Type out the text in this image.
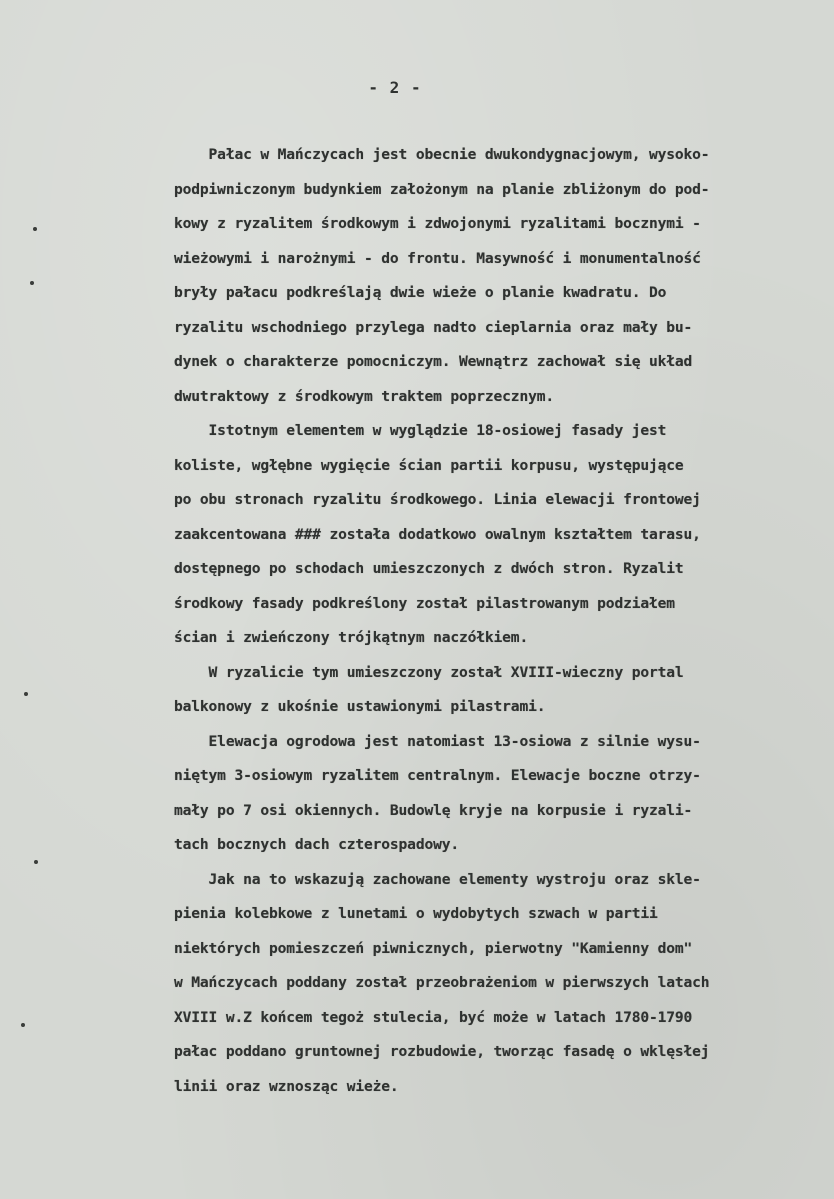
- 2 -
Pałac w Mańczycach jest obecnie dwukondygnacjowym, wysoko-
podpiwniczonym budynkiem założonym na planie zbliżonym do pod-
kowy z ryzalitem środkowym i zdwojonymi ryzalitami bocznymi -
wieżowymi i narożnymi - do frontu. Masywność i monumentalność
bryły pałacu podkreślają dwie wieże o planie kwadratu. Do
ryzalitu wschodniego przylega nadto cieplarnia oraz mały bu-
dynek o charakterze pomocniczym. Wewnątrz zachował się układ
dwutraktowy z środkowym traktem poprzecznym.
Istotnym elementem w wyglądzie 18-osiowej fasady jest
koliste, wgłębne wygięcie ścian partii korpusu, występujące
po obu stronach ryzalitu środkowego. Linia elewacji frontowej
zaakcentowana ### została dodatkowo owalnym kształtem tarasu,
dostępnego po schodach umieszczonych z dwóch stron. Ryzalit
środkowy fasady podkreślony został pilastrowanym podziałem
ścian i zwieńczony trójkątnym naczółkiem.
W ryzalicie tym umieszczony został XVIII-wieczny portal
balkonowy z ukośnie ustawionymi pilastrami.
Elewacja ogrodowa jest natomiast 13-osiowa z silnie wysu-
niętym 3-osiowym ryzalitem centralnym. Elewacje boczne otrzy-
mały po 7 osi okiennych. Budowlę kryje na korpusie i ryzali-
tach bocznych dach czterospadowy.
Jak na to wskazują zachowane elementy wystroju oraz skle-
pienia kolebkowe z lunetami o wydobytych szwach w partii
niektórych pomieszczeń piwnicznych, pierwotny "Kamienny dom"
w Mańczycach poddany został przeobrażeniom w pierwszych latach
XVIII w.Z końcem tegoż stulecia, być może w latach 1780-1790
pałac poddano gruntownej rozbudowie, tworząc fasadę o wklęsłej
linii oraz wznosząc wieże.
